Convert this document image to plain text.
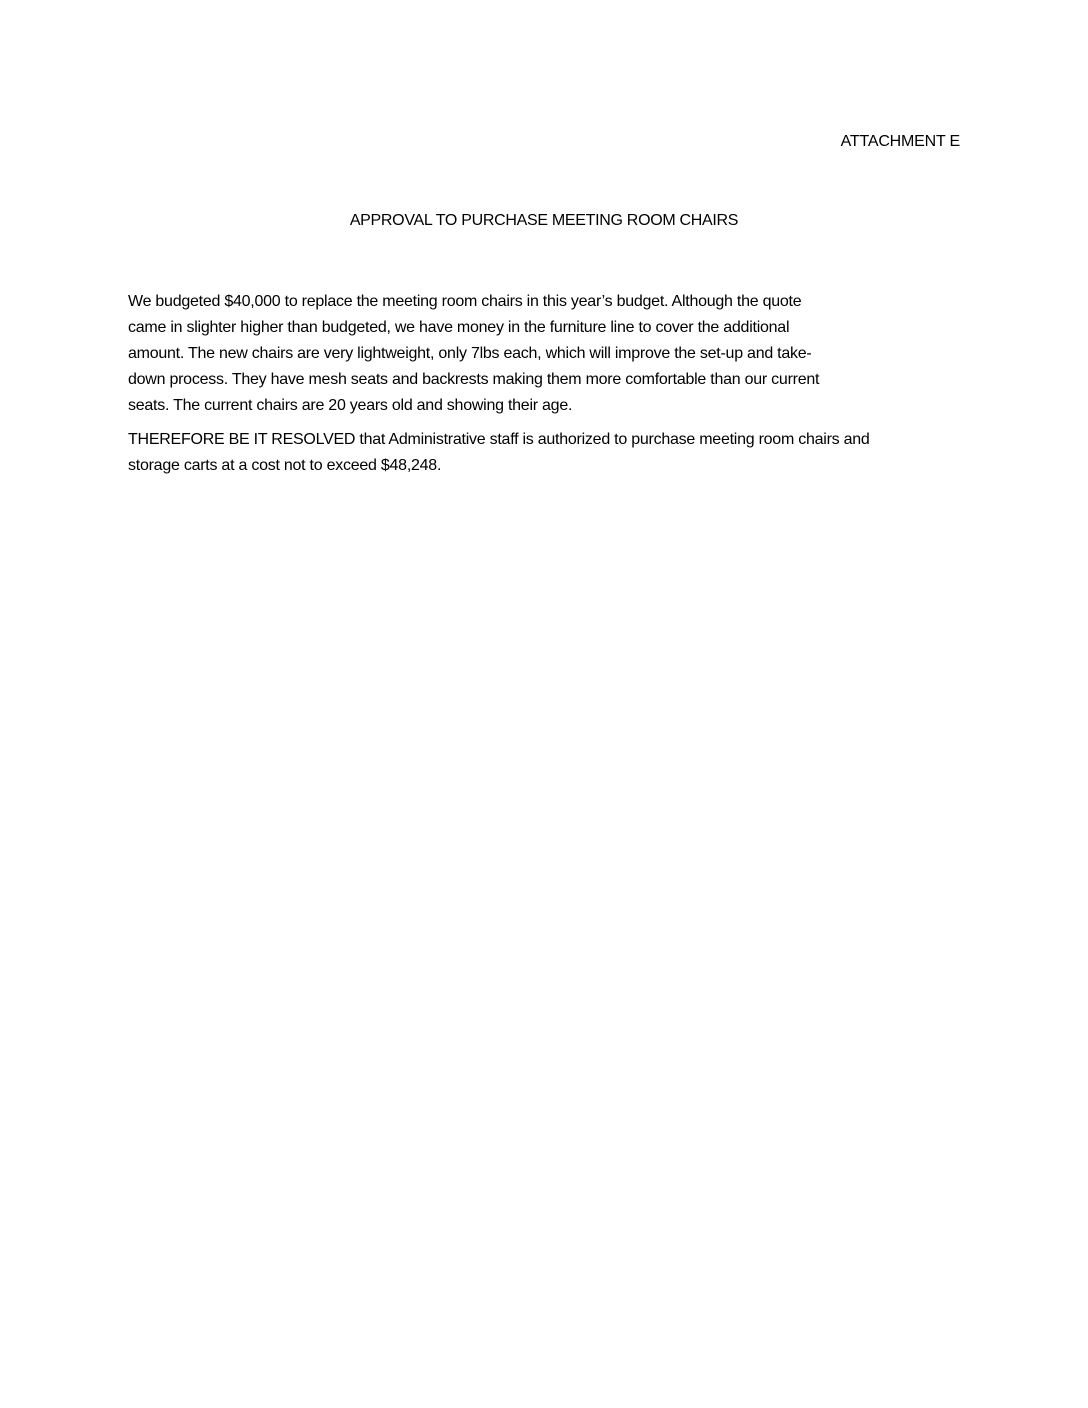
ATTACHMENT E
APPROVAL TO PURCHASE MEETING ROOM CHAIRS

We budgeted $40,000 to replace the meeting room chairs in this year’s budget. Although the quote
came in slighter higher than budgeted, we have money in the furniture line to cover the additional
amount. The new chairs are very lightweight, only 7lbs each, which will improve the set-up and take-
down process. They have mesh seats and backrests making them more comfortable than our current
seats. The current chairs are 20 years old and showing their age.

THEREFORE BE IT RESOLVED that Administrative staff is authorized to purchase meeting room chairs and
storage carts at a cost not to exceed $48,248.
